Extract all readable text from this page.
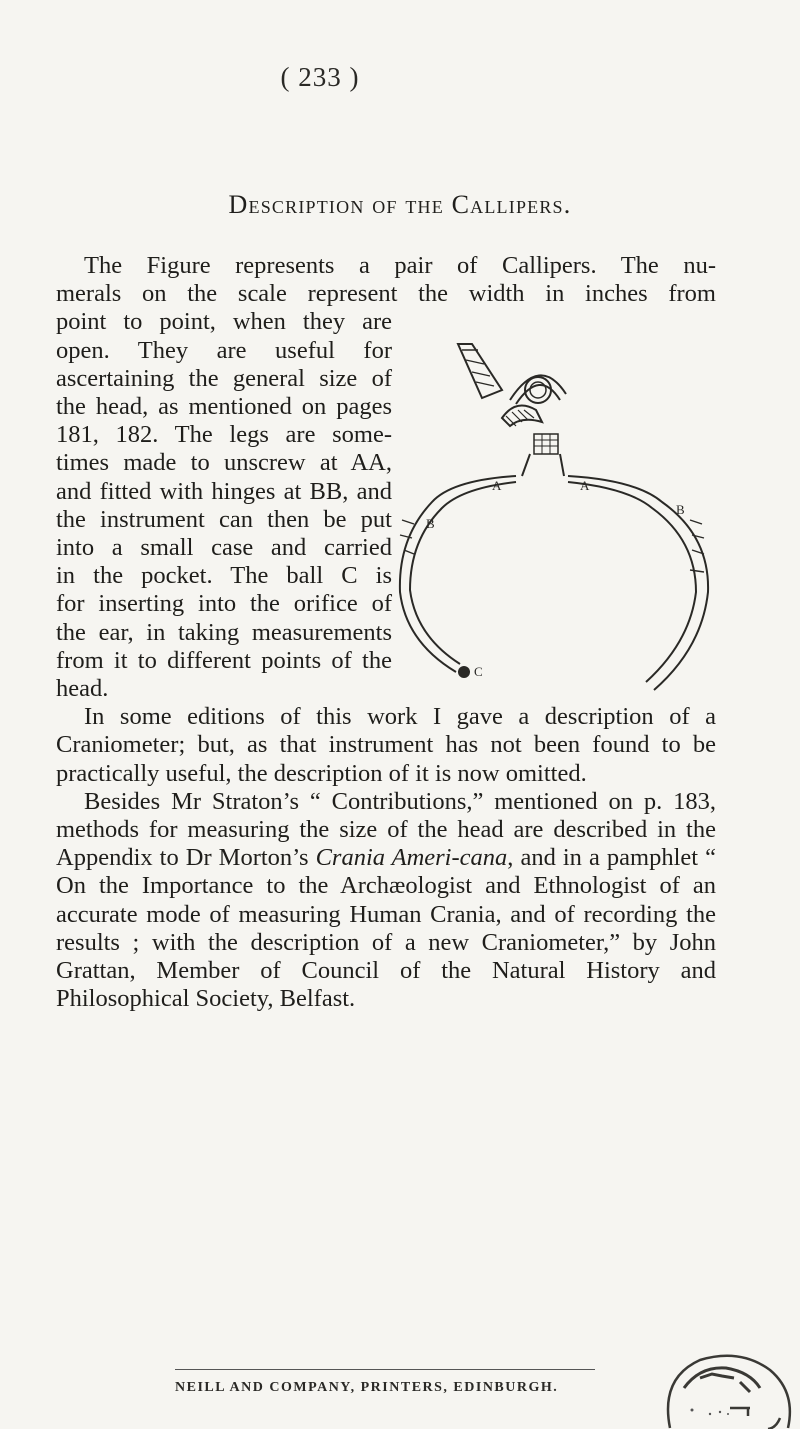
( 233 )
Description of the Callipers.

The Figure represents a pair of Callipers. The nu-

merals on the scale represent the width in inches from

point to point, when they are

open. They are useful for

ascertaining the general size of

the head, as mentioned on pages

181, 182. The legs are some-

times made to unscrew at AA,

and fitted with hinges at BB, and

the instrument can then be put

into a small case and carried

in the pocket. The ball C is

for inserting into the orifice of

the ear, in taking measurements

from it to different points of the

head.

In some editions of this work I gave a description of a Craniometer; but, as that instrument has not been found to be practically useful, the description of it is now omitted.

Besides Mr Straton’s “ Contributions,” mentioned on p. 183, methods for measuring the size of the head are described in the Appendix to Dr Morton’s Crania Ameri-cana, and in a pamphlet “ On the Importance to the Archæologist and Ethnologist of an accurate mode of measuring Human Crania, and of recording the results ; with the description of a new Craniometer,” by John Grattan, Member of Council of the Natural History and Philosophical Society, Belfast.

A	A
B
B
C
NEILL AND COMPANY, PRINTERS, EDINBURGH.
